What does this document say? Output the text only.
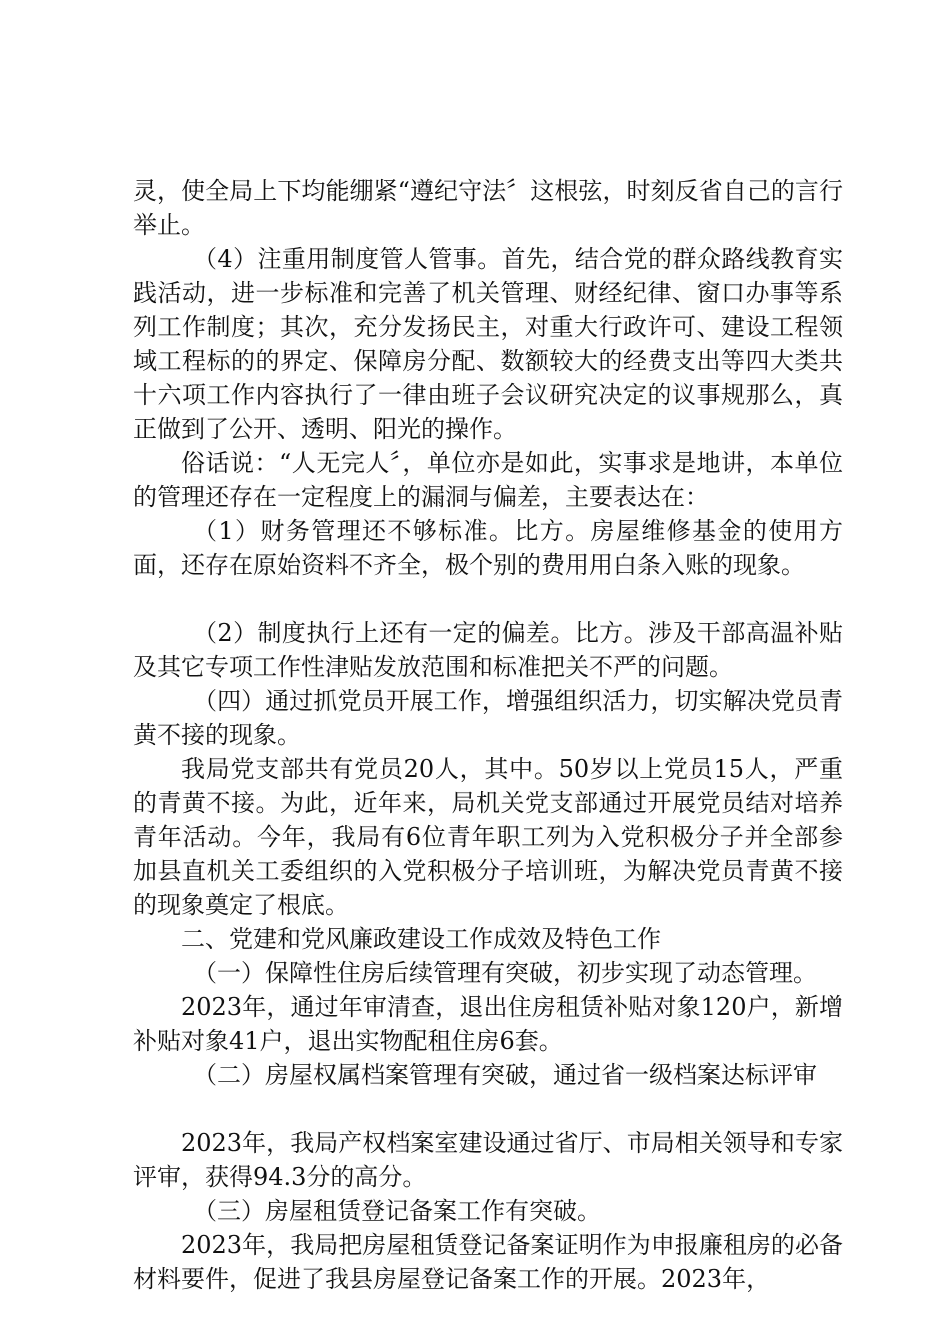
灵，使全局上下均能绷紧“遵纪守法〞这根弦，时刻反省自己的言行举止。

（4）注重用制度管人管事。首先，结合党的群众路线教育实践活动，进一步标准和完善了机关管理、财经纪律、窗口办事等系列工作制度；其次，充分发扬民主，对重大行政许可、建设工程领域工程标的的界定、保障房分配、数额较大的经费支出等四大类共十六项工作内容执行了一律由班子会议研究决定的议事规那么，真正做到了公开、透明、阳光的操作。

俗话说：“人无完人〞，单位亦是如此，实事求是地讲，本单位的管理还存在一定程度上的漏洞与偏差，主要表达在：

（1）财务管理还不够标准。比方。房屋维修基金的使用方面，还存在原始资料不齐全，极个别的费用用白条入账的现象。

（2）制度执行上还有一定的偏差。比方。涉及干部高温补贴及其它专项工作性津贴发放范围和标准把关不严的问题。

（四）通过抓党员开展工作，增强组织活力，切实解决党员青黄不接的现象。

我局党支部共有党员20人，其中。50岁以上党员15人，严重的青黄不接。为此，近年来，局机关党支部通过开展党员结对培养青年活动。今年，我局有6位青年职工列为入党积极分子并全部参加县直机关工委组织的入党积极分子培训班，为解决党员青黄不接的现象奠定了根底。

二、党建和党风廉政建设工作成效及特色工作

（一）保障性住房后续管理有突破，初步实现了动态管理。

2023年，通过年审清查，退出住房租赁补贴对象120户，新增补贴对象41户，退出实物配租住房6套。

（二）房屋权属档案管理有突破，通过省一级档案达标评审

2023年，我局产权档案室建设通过省厅、市局相关领导和专家评审，获得94.3分的高分。

（三）房屋租赁登记备案工作有突破。

2023年，我局把房屋租赁登记备案证明作为申报廉租房的必备材料要件，促进了我县房屋登记备案工作的开展。2023年，
